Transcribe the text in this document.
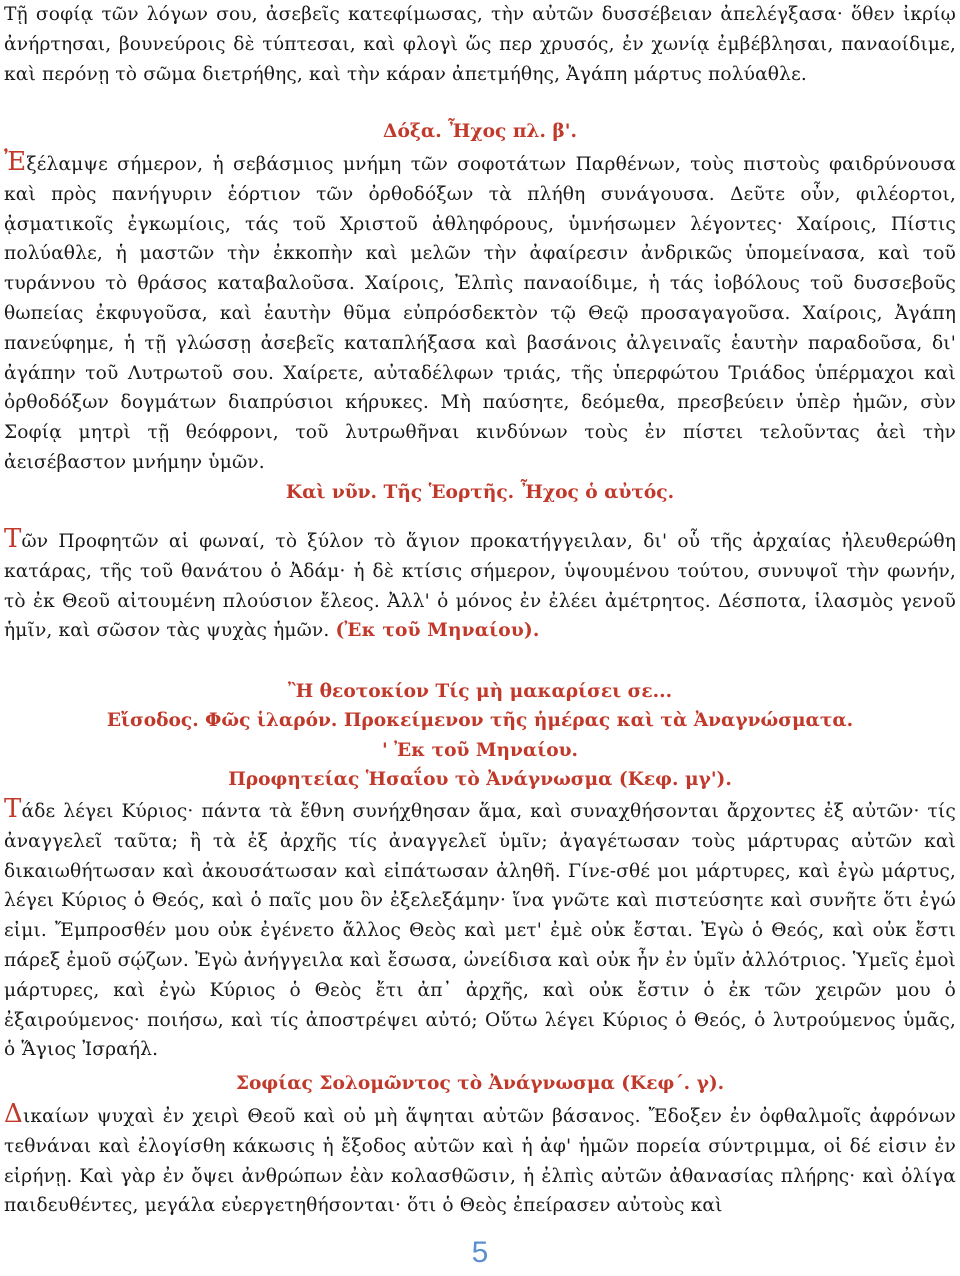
Τῇ σοφίᾳ τῶν λόγων σου, ἀσεβεῖς κατεφίμωσας, τὴν αὐτῶν δυσσέβειαν ἀπελέγξασα· ὅθεν ἰκρίῳ ἀνήρτησαι, βουνεύροις δὲ τύπτεσαι, καὶ φλογὶ ὥς περ χρυσός, ἐν χωνίᾳ ἐμβέβλησαι, παναοίδιμε, καὶ περόνῃ τὸ σῶμα διετρήθης, καὶ τὴν κάραν ἀπετμήθης, Ἀγάπη μάρτυς πολύαθλε.

Δόξα. Ἦχος πλ. β'.

Ἐξέλαμψε σήμερον, ἡ σεβάσμιος μνήμη τῶν σοφοτάτων Παρθένων, τοὺς πιστοὺς φαιδρύνουσα καὶ πρὸς πανήγυριν ἑόρτιον τῶν ὀρθοδόξων τὰ πλήθη συνάγουσα. Δεῦτε οὖν, φιλέορτοι, ᾀσματικοῖς ἐγκωμίοις, τάς τοῦ Χριστοῦ ἀθληφόρους, ὑμνήσωμεν λέγοντες· Χαίροις, Πίστις πολύαθλε, ἡ μαστῶν τὴν ἐκκοπὴν καὶ μελῶν τὴν ἀφαίρεσιν ἀνδρικῶς ὑπομείνασα, καὶ τοῦ τυράννου τὸ θράσος καταβαλοῦσα. Χαίροις, Ἐλπὶς παναοίδιμε, ἡ τάς ἰοβόλους τοῦ δυσσεβοῦς θωπείας ἐκφυγοῦσα, καὶ ἑαυτὴν θῦμα εὐπρόσδεκτὸν τῷ Θεῷ προσαγαγοῦσα. Χαίροις, Ἀγάπη πανεύφημε, ἡ τῇ γλώσσῃ ἀσεβεῖς καταπλήξασα καὶ βασάνοις ἀλγειναῖς ἑαυτὴν παραδοῦσα, δι' ἀγάπην τοῦ Λυτρωτοῦ σου. Χαίρετε, αὐταδέλφων τριάς, τῆς ὑπερφώτου Τριάδος ὑπέρμαχοι καὶ ὀρθοδόξων δογμάτων διαπρύσιοι κήρυκες. Μὴ παύσητε, δεόμεθα, πρεσβεύειν ὑπὲρ ἡμῶν, σὺν Σοφίᾳ μητρὶ τῇ θεόφρονι, τοῦ λυτρωθῆναι κινδύνων τοὺς ἐν πίστει τελοῦντας ἀεὶ τὴν ἀεισέβαστον μνήμην ὑμῶν.

Καὶ νῦν. Τῆς Ἑορτῆς. Ἦχος ὁ αὐτός.

Τῶν Προφητῶν αἱ φωναί, τὸ ξύλον τὸ ἅγιον προκατήγγειλαν, δι' οὗ τῆς ἀρχαίας ἠλευθερώθη κατάρας, τῆς τοῦ θανάτου ὁ Ἀδάμ· ἡ δὲ κτίσις σήμερον, ὑψουμένου τούτου, συνυψοῖ τὴν φωνήν, τὸ ἐκ Θεοῦ αἰτουμένη πλούσιον ἔλεος. Ἀλλ' ὁ μόνος ἐν ἐλέει ἀμέτρητος. Δέσποτα, ἱλασμὸς γενοῦ ἡμῖν, καὶ σῶσον τὰς ψυχὰς ἡμῶν. (Ἐκ τοῦ Μηναίου).

Ἢ θεοτοκίον Τίς μὴ μακαρίσει σε...

Εἴσοδος. Φῶς ἱλαρόν. Προκείμενον τῆς ἡμέρας καὶ τὰ Ἀναγνώσματα.

' Ἐκ τοῦ Μηναίου.

Προφητείας Ἡσαΐου τὸ Ἀνάγνωσμα (Κεφ. μγ').

Τάδε λέγει Κύριος· πάντα τὰ ἔθνη συνήχθησαν ἅμα, καὶ συναχθήσονται ἄρχοντες ἐξ αὐτῶν· τίς ἀναγγελεῖ ταῦτα; ἢ τὰ ἐξ ἀρχῆς τίς ἀναγγελεῖ ὑμῖν; ἀγαγέτωσαν τοὺς μάρτυρας αὐτῶν καὶ δικαιωθήτωσαν καὶ ἀκουσάτωσαν καὶ εἰπάτωσαν ἀληθῆ. Γίνε-σθέ μοι μάρτυρες, καὶ ἐγὼ μάρτυς, λέγει Κύριος ὁ Θεός, καὶ ὁ παῖς μου ὃν ἐξελεξάμην· ἵνα γνῶτε καὶ πιστεύσητε καὶ συνῆτε ὅτι ἐγώ εἰμι. Ἔμπροσθέν μου οὐκ ἐγένετο ἄλλος Θεὸς καὶ μετ' ἐμὲ οὐκ ἔσται. Ἐγὼ ὁ Θεός, καὶ οὐκ ἔστι πάρεξ ἐμοῦ σῴζων. Ἐγὼ ἀνήγγειλα καὶ ἔσωσα, ὠνείδισα καὶ οὐκ ἦν ἐν ὑμῖν ἀλλότριος. Ὑμεῖς ἐμοὶ μάρτυρες, καὶ ἐγὼ Κύριος ὁ Θεὸς ἔτι ἀπ᾽ ἀρχῆς, καὶ οὐκ ἔστιν ὁ ἐκ τῶν χειρῶν μου ὁ ἐξαιρούμενος· ποιήσω, καὶ τίς ἀποστρέψει αὐτό; Οὕτω λέγει Κύριος ὁ Θεός, ὁ λυτρούμενος ὑμᾶς, ὁ Ἅγιος Ἰσραήλ.

Σοφίας Σολομῶντος τὸ Ἀνάγνωσμα (Κεφ΄. γ).

Δικαίων ψυχαὶ ἐν χειρὶ Θεοῦ καὶ οὐ μὴ ἅψηται αὐτῶν βάσανος. Ἔδοξεν ἐν ὀφθαλμοῖς ἀφρόνων τεθνάναι καὶ ἐλογίσθη κάκωσις ἡ ἔξοδος αὐτῶν καὶ ἡ ἀφ' ἡμῶν πορεία σύντριμμα, οἱ δέ εἰσιν ἐν εἰρήνῃ. Καὶ γὰρ ἐν ὄψει ἀνθρώπων ἐὰν κολασθῶσιν, ἡ ἐλπὶς αὐτῶν ἀθανασίας πλήρης· καὶ ὀλίγα παιδευθέντες, μεγάλα εὐεργετηθήσονται· ὅτι ὁ Θεὸς ἐπείρασεν αὐτοὺς καὶ

5
